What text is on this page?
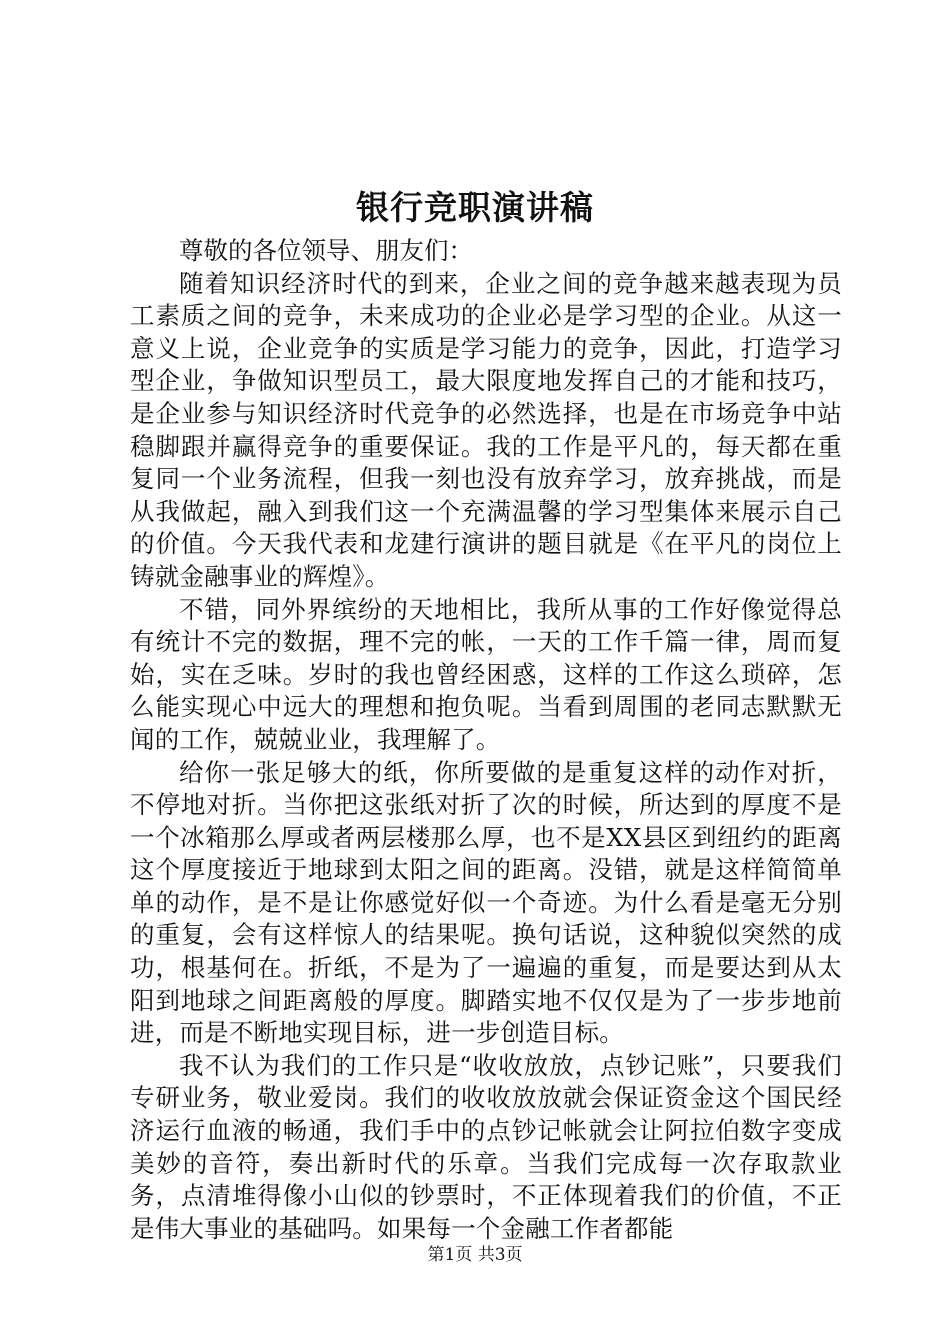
银行竞职演讲稿

尊敬的各位领导、朋友们：

随着知识经济时代的到来，企业之间的竞争越来越表现为员工素质之间的竞争，未来成功的企业必是学习型的企业。从这一意义上说，企业竞争的实质是学习能力的竞争，因此，打造学习型企业，争做知识型员工，最大限度地发挥自己的才能和技巧，是企业参与知识经济时代竞争的必然选择，也是在市场竞争中站稳脚跟并赢得竞争的重要保证。我的工作是平凡的，每天都在重复同一个业务流程，但我一刻也没有放弃学习，放弃挑战，而是从我做起，融入到我们这一个充满温馨的学习型集体来展示自己的价值。今天我代表和龙建行演讲的题目就是《在平凡的岗位上铸就金融事业的辉煌》。

不错，同外界缤纷的天地相比，我所从事的工作好像觉得总有统计不完的数据，理不完的帐，一天的工作千篇一律，周而复始，实在乏味。岁时的我也曾经困惑，这样的工作这么琐碎，怎么能实现心中远大的理想和抱负呢。当看到周围的老同志默默无闻的工作，兢兢业业，我理解了。

给你一张足够大的纸，你所要做的是重复这样的动作对折，不停地对折。当你把这张纸对折了次的时候，所达到的厚度不是一个冰箱那么厚或者两层楼那么厚，也不是XX县区到纽约的距离这个厚度接近于地球到太阳之间的距离。没错，就是这样简简单单的动作，是不是让你感觉好似一个奇迹。为什么看是毫无分别的重复，会有这样惊人的结果呢。换句话说，这种貌似突然的成功，根基何在。折纸，不是为了一遍遍的重复，而是要达到从太阳到地球之间距离般的厚度。脚踏实地不仅仅是为了一步步地前进，而是不断地实现目标，进一步创造目标。

我不认为我们的工作只是“收收放放，点钞记账”，只要我们专研业务，敬业爱岗。我们的收收放放就会保证资金这个国民经济运行血液的畅通，我们手中的点钞记帐就会让阿拉伯数字变成美妙的音符，奏出新时代的乐章。当我们完成每一次存取款业务，点清堆得像小山似的钞票时，不正体现着我们的价值，不正是伟大事业的基础吗。如果每一个金融工作者都能

第1页 共3页
